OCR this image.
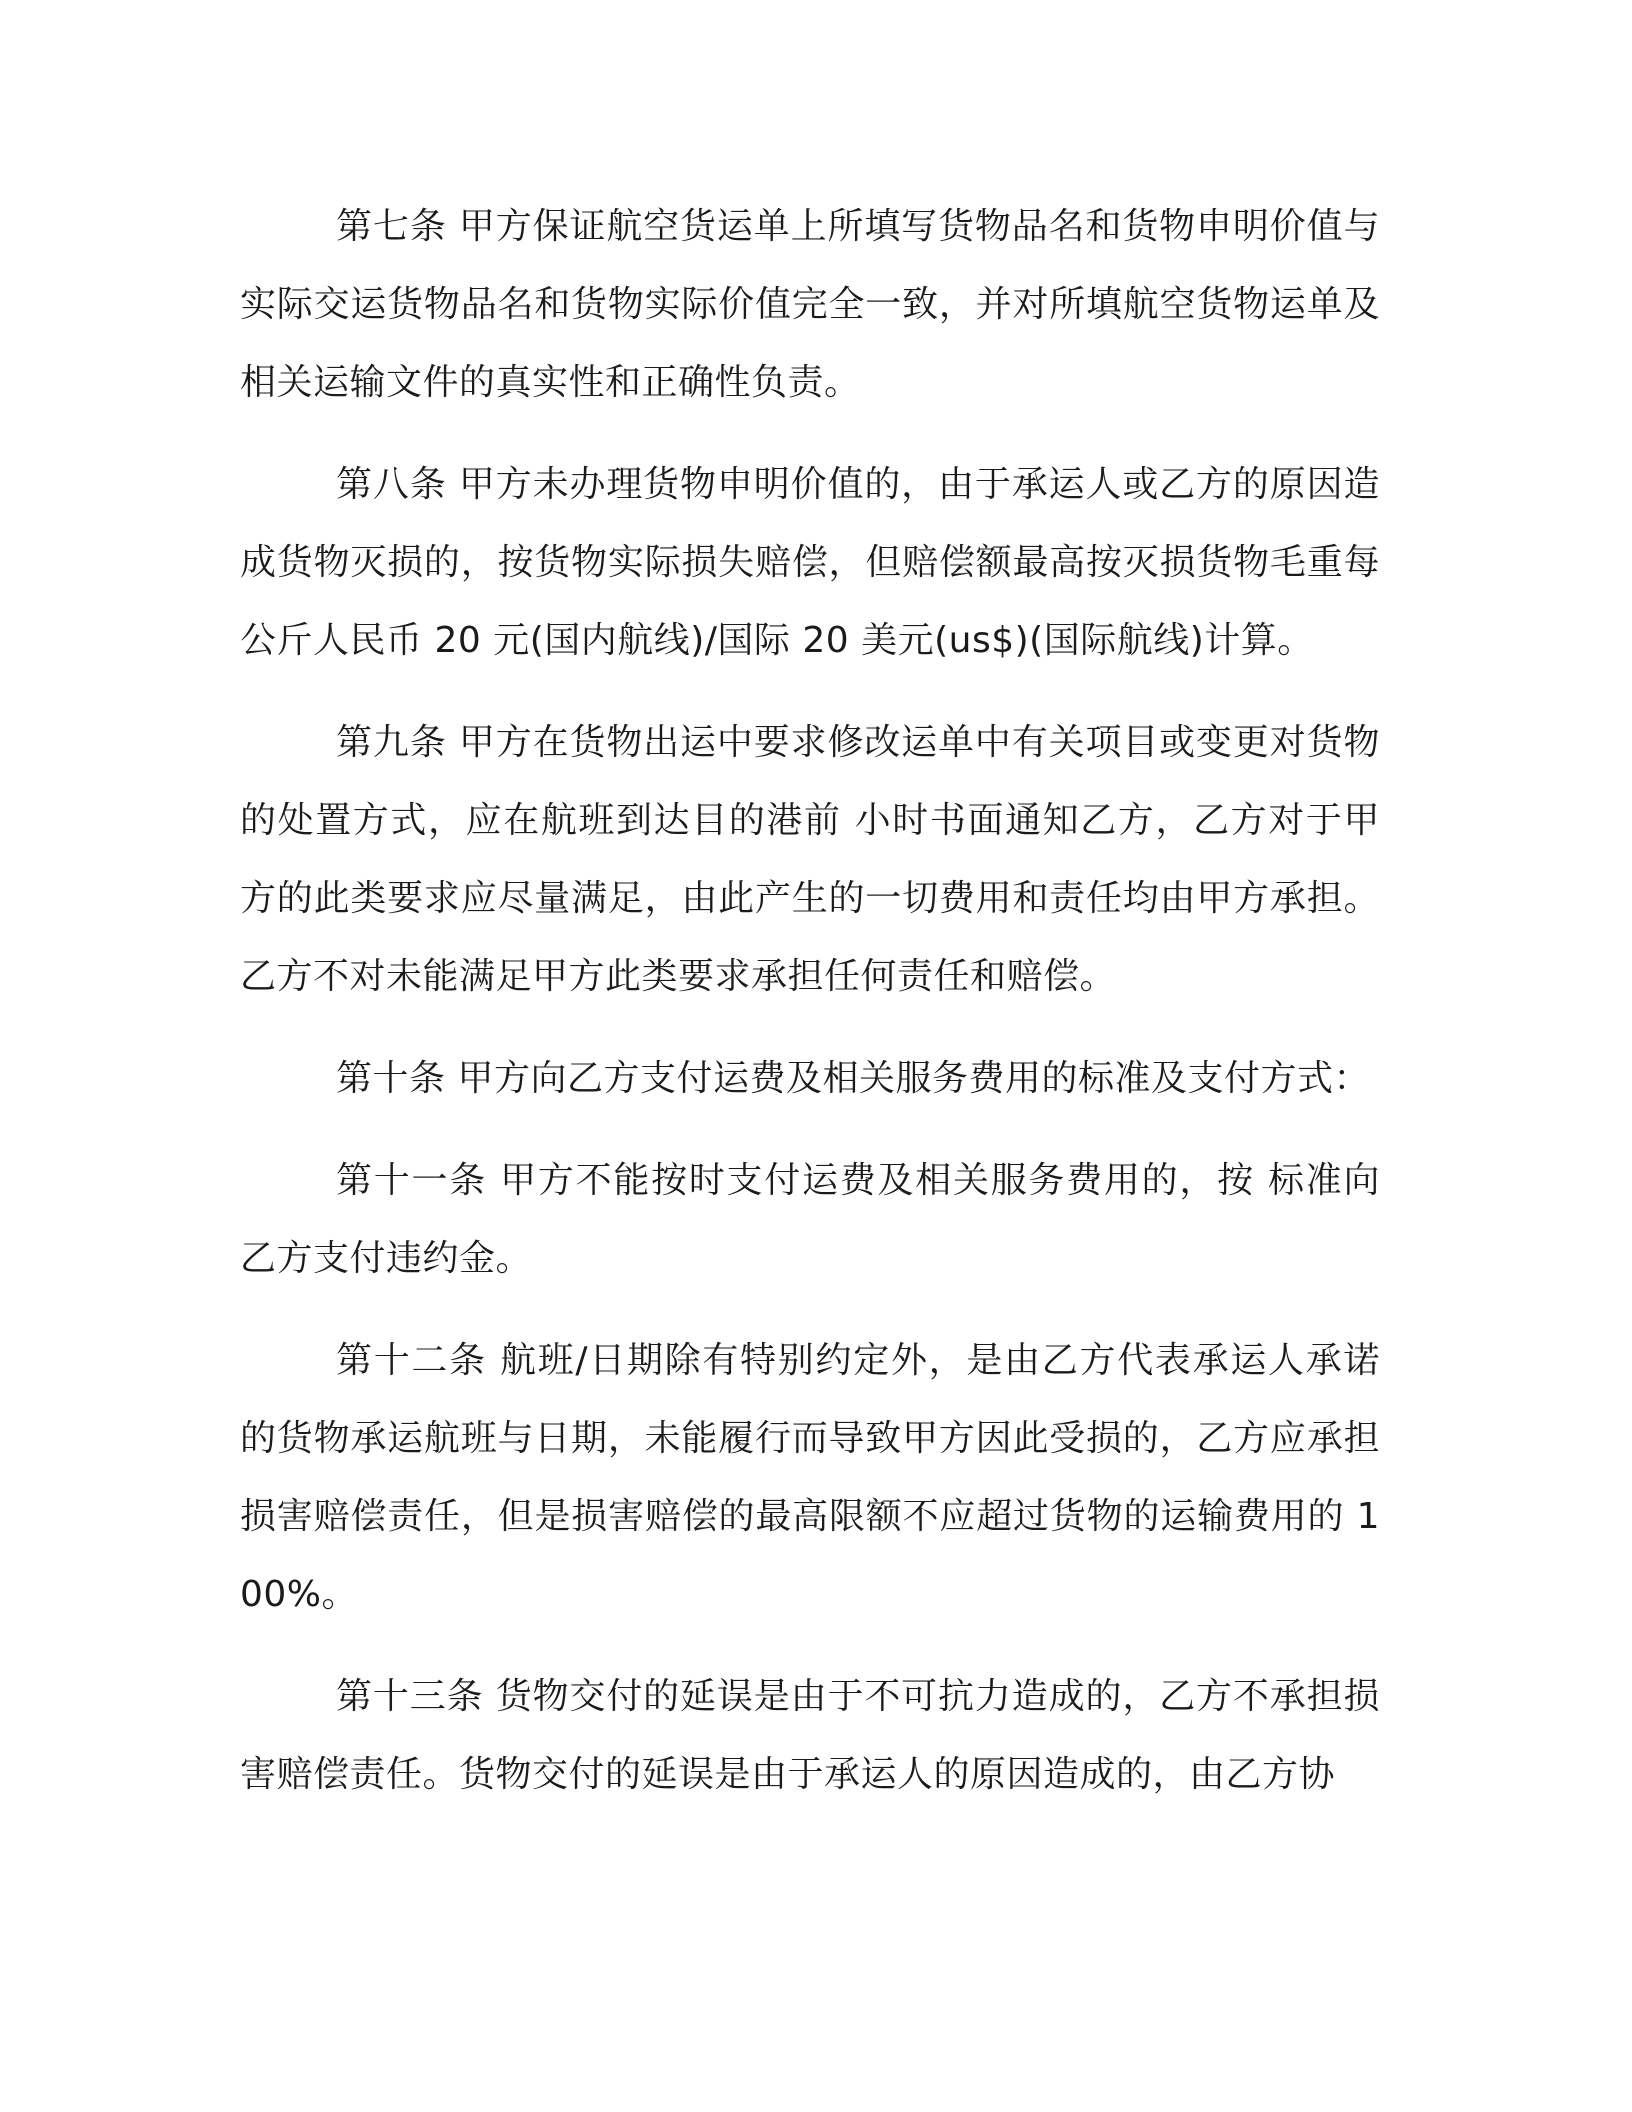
第七条 甲方保证航空货运单上所填写货物品名和货物申明价值与实际交运货物品名和货物实际价值完全一致，并对所填航空货物运单及相关运输文件的真实性和正确性负责。

第八条 甲方未办理货物申明价值的，由于承运人或乙方的原因造成货物灭损的，按货物实际损失赔偿，但赔偿额最高按灭损货物毛重每公斤人民币 20 元(国内航线)/国际 20 美元(us$)(国际航线)计算。

第九条 甲方在货物出运中要求修改运单中有关项目或变更对货物的处置方式，应在航班到达目的港前 小时书面通知乙方，乙方对于甲方的此类要求应尽量满足，由此产生的一切费用和责任均由甲方承担。乙方不对未能满足甲方此类要求承担任何责任和赔偿。

第十条 甲方向乙方支付运费及相关服务费用的标准及支付方式：

第十一条 甲方不能按时支付运费及相关服务费用的，按 标准向乙方支付违约金。

第十二条 航班/日期除有特别约定外，是由乙方代表承运人承诺的货物承运航班与日期，未能履行而导致甲方因此受损的，乙方应承担损害赔偿责任，但是损害赔偿的最高限额不应超过货物的运输费用的 100%。

第十三条 货物交付的延误是由于不可抗力造成的，乙方不承担损害赔偿责任。货物交付的延误是由于承运人的原因造成的，由乙方协
